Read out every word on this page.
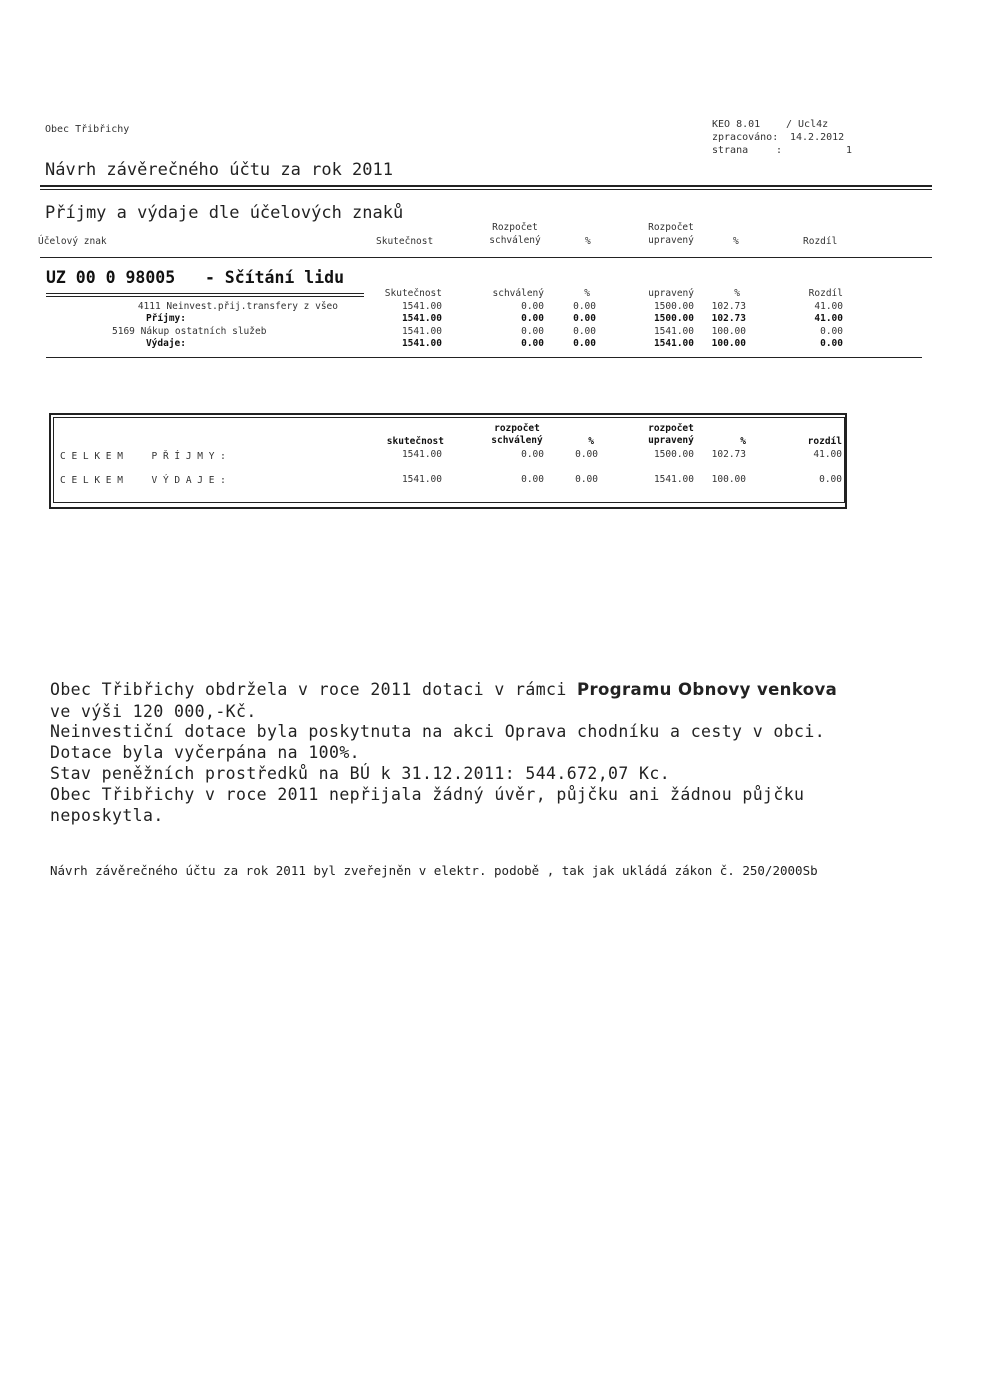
Obec Třibřichy	KEO 8.01	/ Ucl4z
zpracováno: 14.2.2012
strana	:	1
Návrh závěrečného účtu za rok 2011
Příjmy a výdaje dle účelových znaků
Účelový znak	Skutečnost
Rozpočet
schválený	%
Rozpočet
upravený	%	Rozdíl
UZ 00 0 98005   - Sčítání lidu
Skutečnost	schválený	%	upravený	%	Rozdíl
4111 Neinvest.přij.transfery z všeo	1541.00	0.00	0.00	1500.00	102.73	41.00
Příjmy:	1541.00	0.00	0.00	1500.00	102.73	41.00
5169 Nákup ostatních služeb	1541.00	0.00	0.00	1541.00	100.00	0.00
Výdaje:	1541.00	0.00	0.00	1541.00	100.00	0.00
skutečnost
rozpočet
schválený	%
rozpočet
upravený	%	rozdíl
C E L K E M     P Ř Í J M Y :	1541.00	0.00	0.00	1500.00	102.73	41.00
C E L K E M     V Ý D A J E :	1541.00	0.00	0.00	1541.00	100.00	0.00
Obec Třibřichy obdržela v roce 2011 dotaci v rámci Programu Obnovy venkova
ve výši 120 000,-Kč.
Neinvestiční dotace byla poskytnuta na akci Oprava chodníku a cesty v obci.
Dotace byla vyčerpána na 100%.
Stav peněžních prostředků na BÚ k 31.12.2011: 544.672,07 Kc.
Obec Třibřichy v roce 2011 nepřijala žádný úvěr, půjčku ani žádnou půjčku
neposkytla.
Návrh závěrečného účtu za rok 2011 byl zveřejněn v elektr. podobě , tak jak ukládá zákon č. 250/2000Sb
